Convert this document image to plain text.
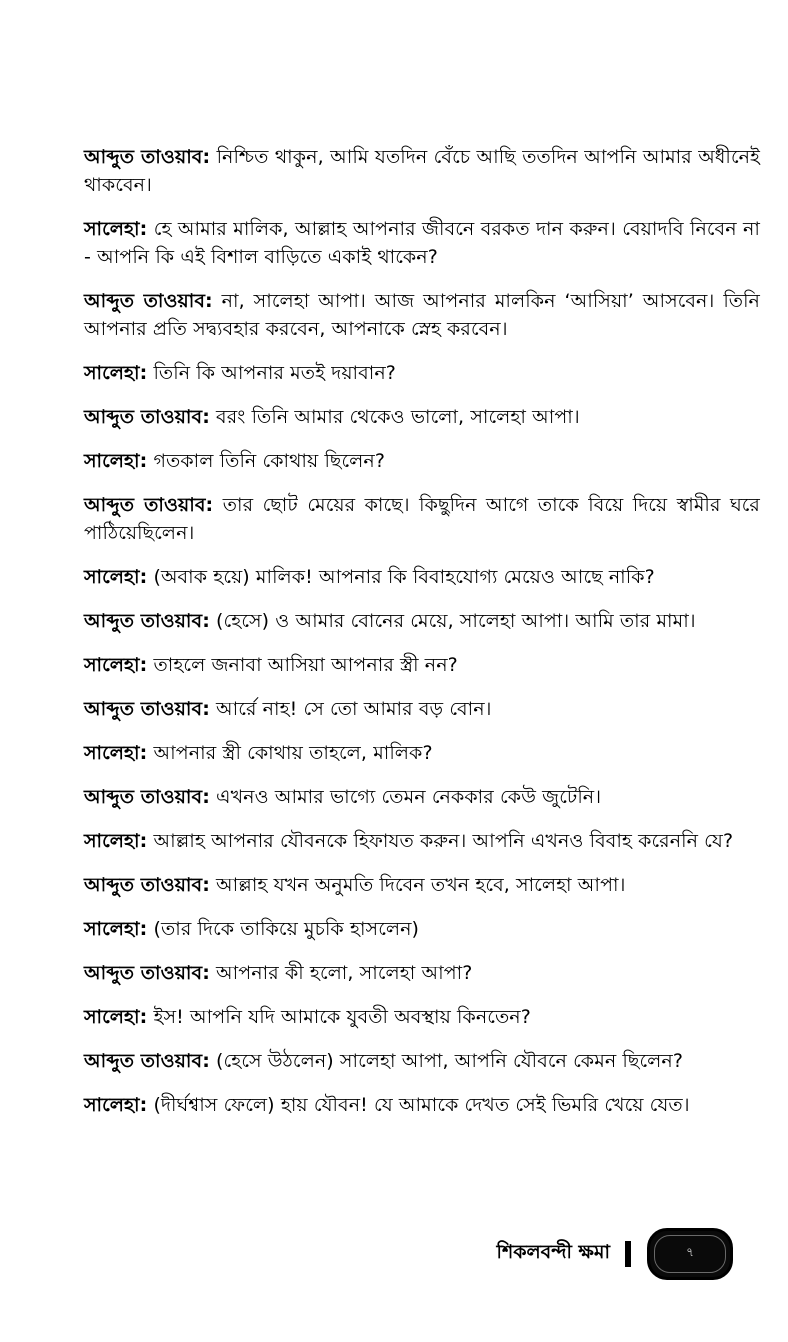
আব্দুত তাওয়াব: নিশ্চিত থাকুন, আমি যতদিন বেঁচে আছি ততদিন আপনি আমার অধীনেই থাকবেন।

সালেহা: হে আমার মালিক, আল্লাহ আপনার জীবনে বরকত দান করুন। বেয়াদবি নিবেন না - আপনি কি এই বিশাল বাড়িতে একাই থাকেন?

আব্দুত তাওয়াব: না, সালেহা আপা। আজ আপনার মালকিন ‘আসিয়া’ আসবেন। তিনি আপনার প্রতি সদ্ব্যবহার করবেন, আপনাকে স্নেহ করবেন।

সালেহা: তিনি কি আপনার মতই দয়াবান?

আব্দুত তাওয়াব: বরং তিনি আমার থেকেও ভালো, সালেহা আপা।

সালেহা: গতকাল তিনি কোথায় ছিলেন?

আব্দুত তাওয়াব: তার ছোট মেয়ের কাছে। কিছুদিন আগে তাকে বিয়ে দিয়ে স্বামীর ঘরে পাঠিয়েছিলেন।

সালেহা: (অবাক হয়ে) মালিক! আপনার কি বিবাহযোগ্য মেয়েও আছে নাকি?

আব্দুত তাওয়াব: (হেসে) ও আমার বোনের মেয়ে, সালেহা আপা। আমি তার মামা।

সালেহা: তাহলে জনাবা আসিয়া আপনার স্ত্রী নন?

আব্দুত তাওয়াব: আর্রে নাহ! সে তো আমার বড় বোন।

সালেহা: আপনার স্ত্রী কোথায় তাহলে, মালিক?

আব্দুত তাওয়াব: এখনও আমার ভাগ্যে তেমন নেককার কেউ জুটেনি।

সালেহা: আল্লাহ আপনার যৌবনকে হিফাযত করুন। আপনি এখনও বিবাহ করেননি যে?

আব্দুত তাওয়াব: আল্লাহ যখন অনুমতি দিবেন তখন হবে, সালেহা আপা।

সালেহা: (তার দিকে তাকিয়ে মুচকি হাসলেন)

আব্দুত তাওয়াব: আপনার কী হলো, সালেহা আপা?

সালেহা: ইস! আপনি যদি আমাকে যুবতী অবস্থায় কিনতেন?

আব্দুত তাওয়াব: (হেসে উঠলেন) সালেহা আপা, আপনি যৌবনে কেমন ছিলেন?

সালেহা: (দীর্ঘশ্বাস ফেলে) হায় যৌবন! যে আমাকে দেখত সেই ভিমরি খেয়ে যেত।

শিকলবন্দী ক্ষমা	৭
